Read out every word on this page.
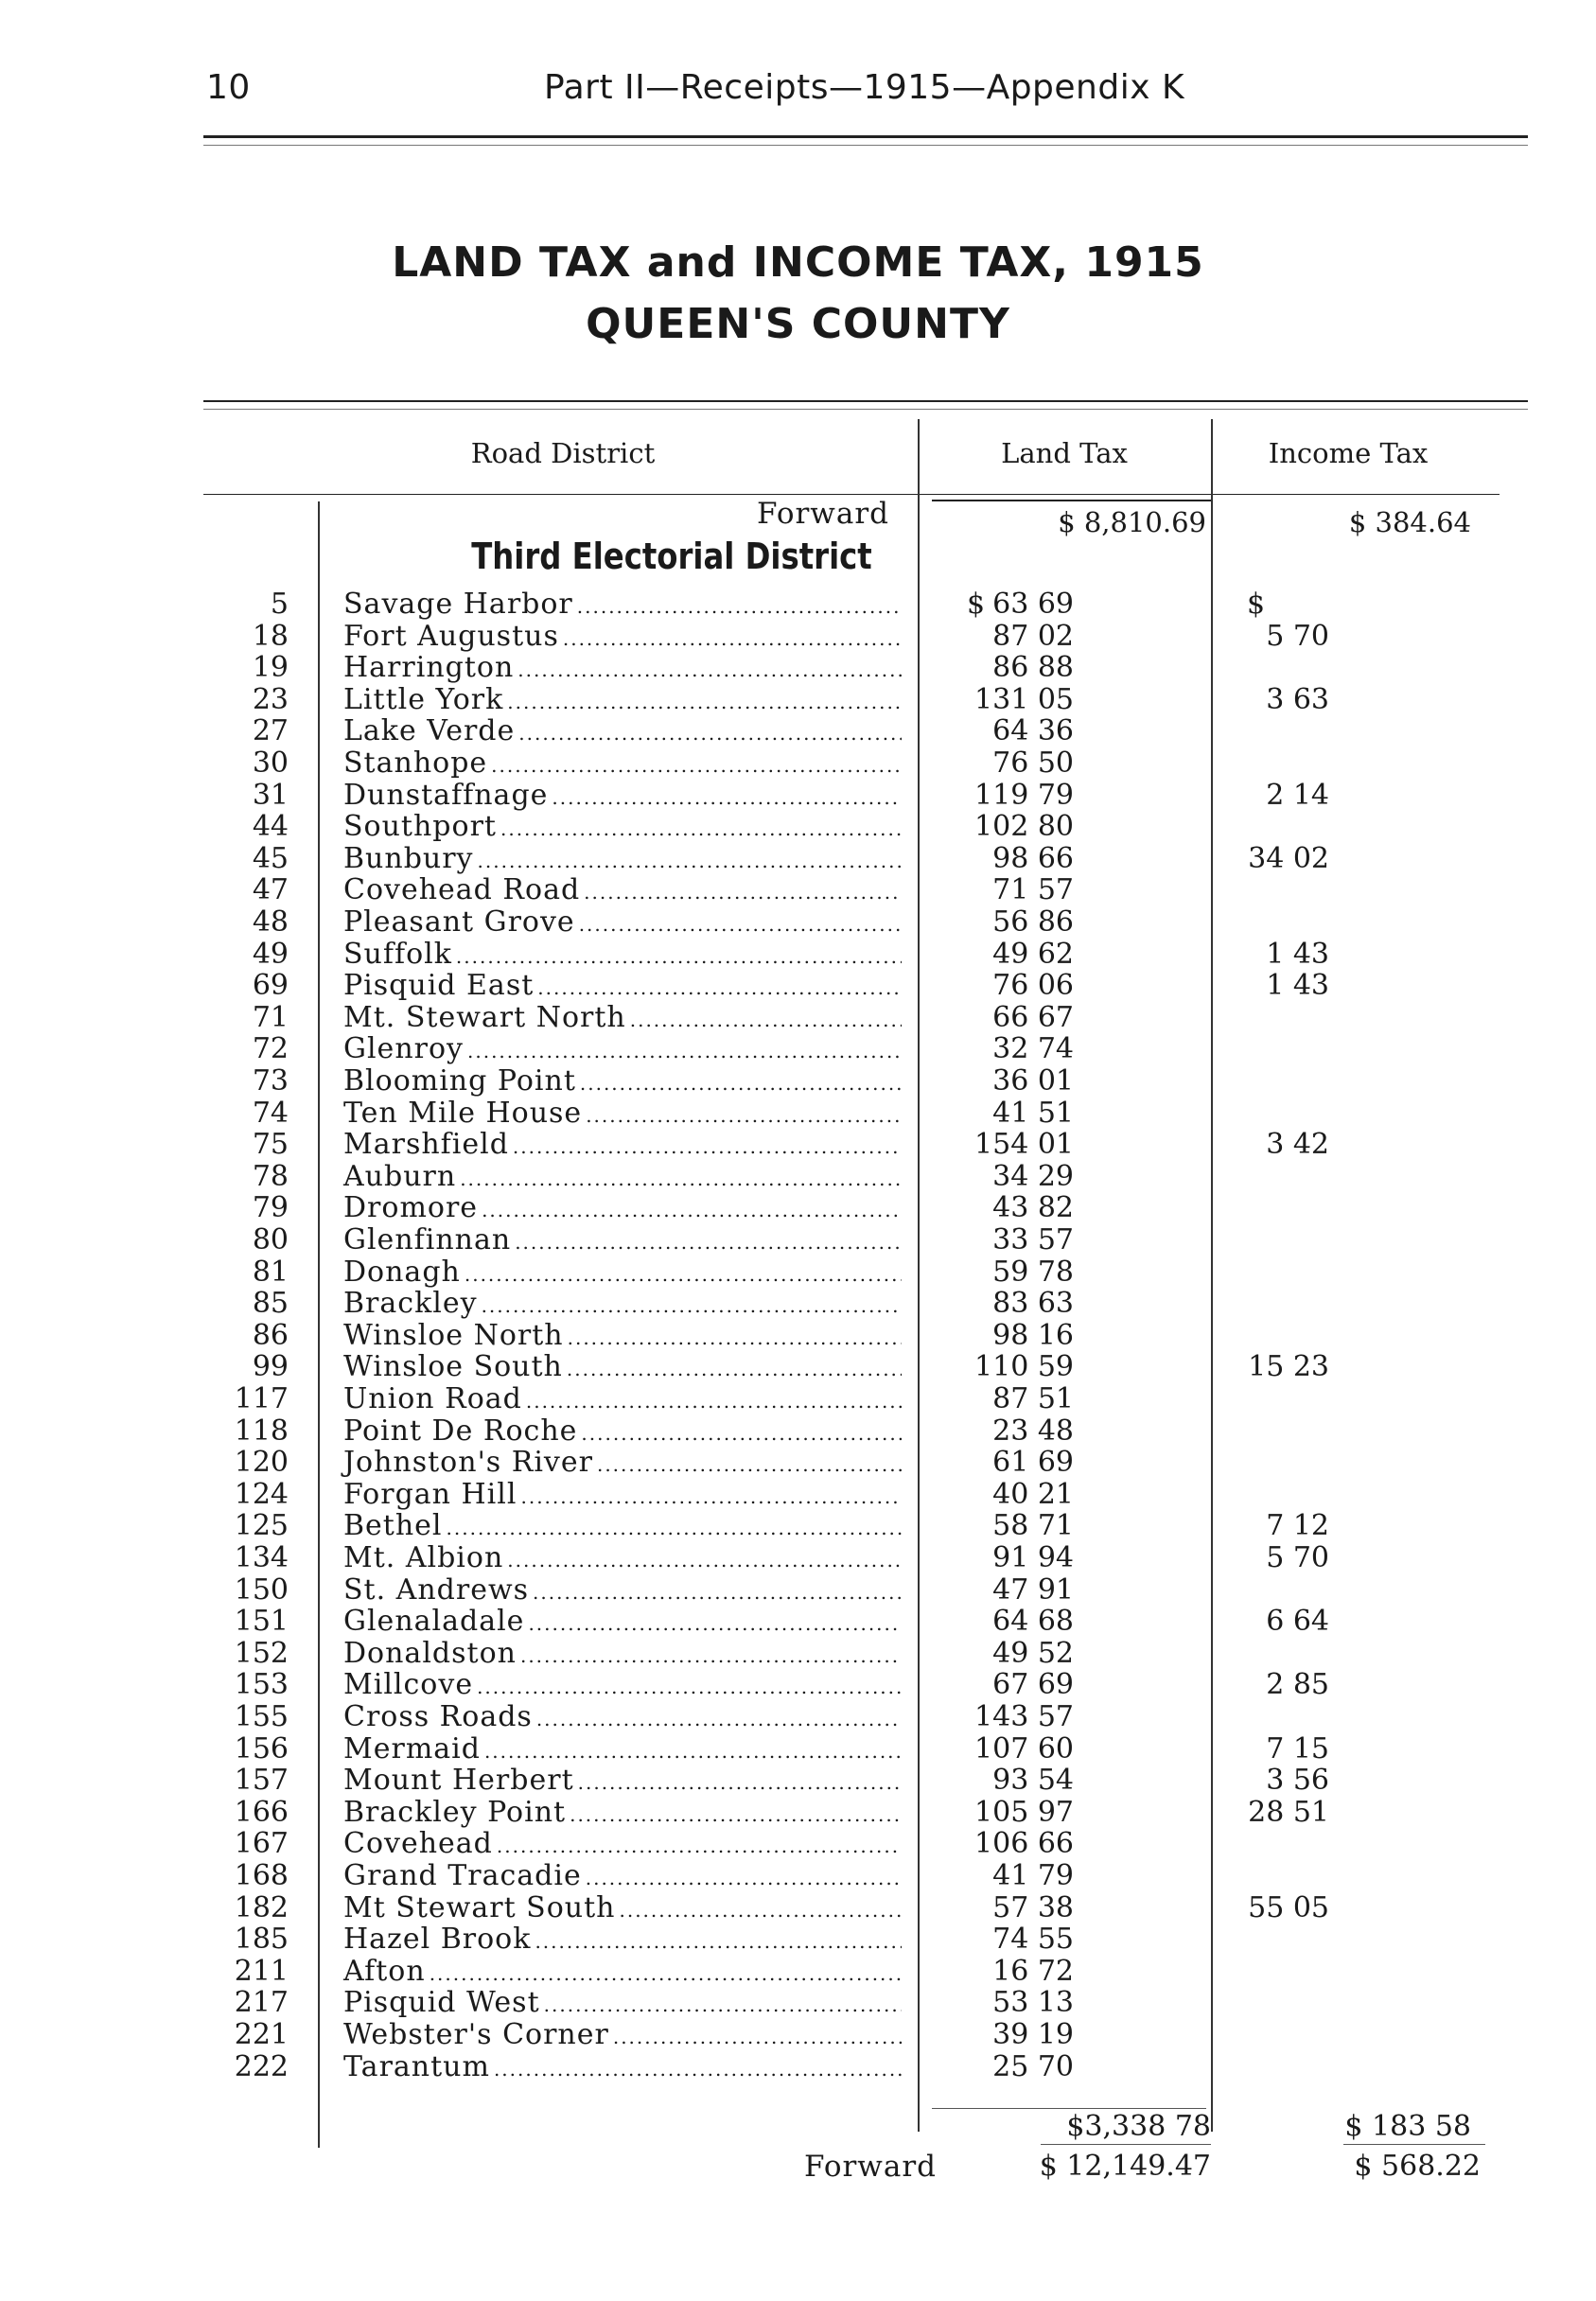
10	Part II—Receipts—1915—Appendix K
LAND TAX and INCOME TAX, 1915
QUEEN'S COUNTY
Road District	Land Tax	Income Tax
Forward	$ 8,810.69	$ 384.64
Third Electorial District
$	$
5 Savage Harbor .....	63 69
18 Fort Augustus .....	87 02	5 70
19 Harrington .....	86 88
23 Little York .....	131 05	3 63
27 Lake Verde .....	64 36
30 Stanhope .....	76 50
31 Dunstaffnage .....	119 79	2 14
44 Southport .....	102 80
45 Bunbury .....	98 66	34 02
47 Covehead Road .....	71 57
48 Pleasant Grove .....	56 86
49 Suffolk .....	49 62	1 43
69 Pisquid East .....	76 06	1 43
71 Mt. Stewart North .....	66 67
72 Glenroy .....	32 74
73 Blooming Point .....	36 01
74 Ten Mile House .....	41 51
75 Marshfield .....	154 01	3 42
78 Auburn .....	34 29
79 Dromore .....	43 82
80 Glenfinnan .....	33 57
81 Donagh .....	59 78
85 Brackley .....	83 63
86 Winsloe North .....	98 16
99 Winsloe South .....	110 59	15 23
117 Union Road .....	87 51
118 Point De Roche .....	23 48
120 Johnston's River .....	61 69
124 Forgan Hill .....	40 21
125 Bethel .....	58 71	7 12
134 Mt. Albion .....	91 94	5 70
150 St. Andrews .....	47 91
151 Glenaladale .....	64 68	6 64
152 Donaldston .....	49 52
153 Millcove .....	67 69	2 85
155 Cross Roads .....	143 57
156 Mermaid .....	107 60	7 15
157 Mount Herbert .....	93 54	3 56
166 Brackley Point .....	105 97	28 51
167 Covehead .....	106 66
168 Grand Tracadie .....	41 79
182 Mt Stewart South .....	57 38	55 05
185 Hazel Brook .....	74 55
211 Afton .....	16 72
217 Pisquid West .....	53 13
221 Webster's Corner .....	39 19
222 Tarantum .....	25 70
$3,338 78	$ 183 58
Forward	$ 12,149.47	$ 568.22
